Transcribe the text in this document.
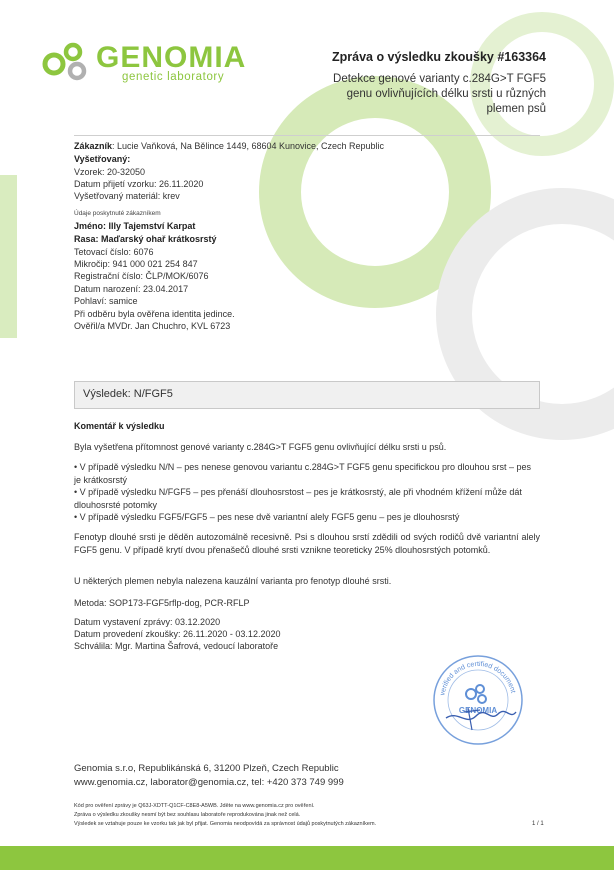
GENOMIA
genetic laboratory
Zpráva o výsledku zkoušky #163364
Detekce genové varianty c.284G>T FGF5 genu ovlivňujících délku srsti u různých plemen psů
Zákazník: Lucie Vaňková, Na Bělince 1449, 68604 Kunovice, Czech Republic
Vyšetřovaný:
Vzorek: 20-32050
Datum přijetí vzorku: 26.11.2020
Vyšetřovaný materiál: krev
Údaje poskytnuté zákazníkem
Jméno: Illy Tajemství Karpat
Rasa: Maďarský ohař krátkosrstý
Tetovací číslo: 6076
Mikročip: 941 000 021 254 847
Registrační číslo: ČLP/MOK/6076
Datum narození: 23.04.2017
Pohlaví: samice
Při odběru byla ověřena identita jedince.
Ověřil/a MVDr. Jan Chuchro, KVL 6723
Výsledek: N/FGF5
Komentář k výsledku
Byla vyšetřena přítomnost genové varianty c.284G>T FGF5 genu ovlivňující délku srsti u psů.
• V případě výsledku N/N – pes nenese genovou variantu c.284G>T FGF5 genu specifickou pro dlouhou srst – pes je krátkosrstý
• V případě výsledku N/FGF5 – pes přenáší dlouhosrstost – pes je krátkosrstý, ale při vhodném křížení může dát dlouhosrsté potomky
• V případě výsledku FGF5/FGF5 – pes nese dvě variantní alely FGF5 genu – pes je dlouhosrstý
Fenotyp dlouhé srsti je děděn autozomálně recesivně. Psi s dlouhou srstí zdědili od svých rodičů dvě variantní alely FGF5 genu. V případě krytí dvou přenašečů dlouhé srsti vznikne teoreticky 25% dlouhosrstých potomků.
U některých plemen nebyla nalezena kauzální varianta pro fenotyp dlouhé srsti.
Metoda: SOP173-FGF5rflp-dog, PCR-RFLP
Datum vystavení zprávy: 03.12.2020
Datum provedení zkoušky: 26.11.2020 - 03.12.2020
Schválila: Mgr. Martina Šafrová, vedoucí laboratoře
verified and certified document
GENOMIA
Genomia s.r.o, Republikánská 6, 31200 Plzeň, Czech Republic
www.genomia.cz, laborator@genomia.cz, tel: +420 373 749 999
Kód pro ověření zprávy je Q63J-XDTT-Q1CF-C8E8-A5WB. Jděte na www.genomia.cz pro ověření.
Zpráva o výsledku zkoušky nesmí být bez souhlasu laboratoře reprodukována jinak než celá.
Výsledek se vztahuje pouze ke vzorku tak jak byl přijat. Genomia neodpovídá za správnost údajů poskytnutých zákazníkem.	1 / 1
